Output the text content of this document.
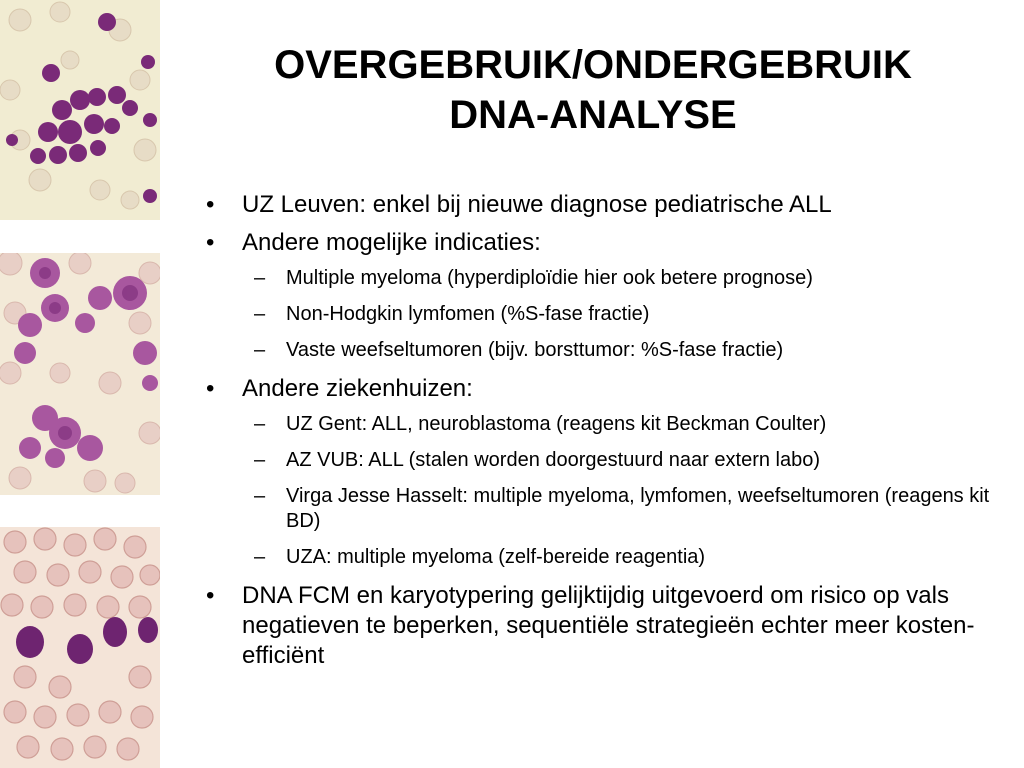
OVERGEBRUIK/ONDERGEBRUIK
DNA-ANALYSE
• UZ Leuven: enkel bij nieuwe diagnose pediatrische ALL
• Andere mogelijke indicaties:
– Multiple myeloma (hyperdiploïdie hier ook betere prognose)
– Non-Hodgkin lymfomen (%S-fase fractie)
– Vaste weefseltumoren (bijv. borsttumor: %S-fase fractie)
• Andere ziekenhuizen:
– UZ Gent: ALL, neuroblastoma (reagens kit Beckman Coulter)
– AZ VUB: ALL (stalen worden doorgestuurd naar extern labo)
– Virga Jesse Hasselt: multiple myeloma, lymfomen, weefseltumoren (reagens kit BD)
– UZA: multiple myeloma (zelf-bereide reagentia)
• DNA FCM en karyotypering gelijktijdig uitgevoerd om risico op vals negatieven te beperken, sequentiële strategieën echter meer kosten-efficiënt
